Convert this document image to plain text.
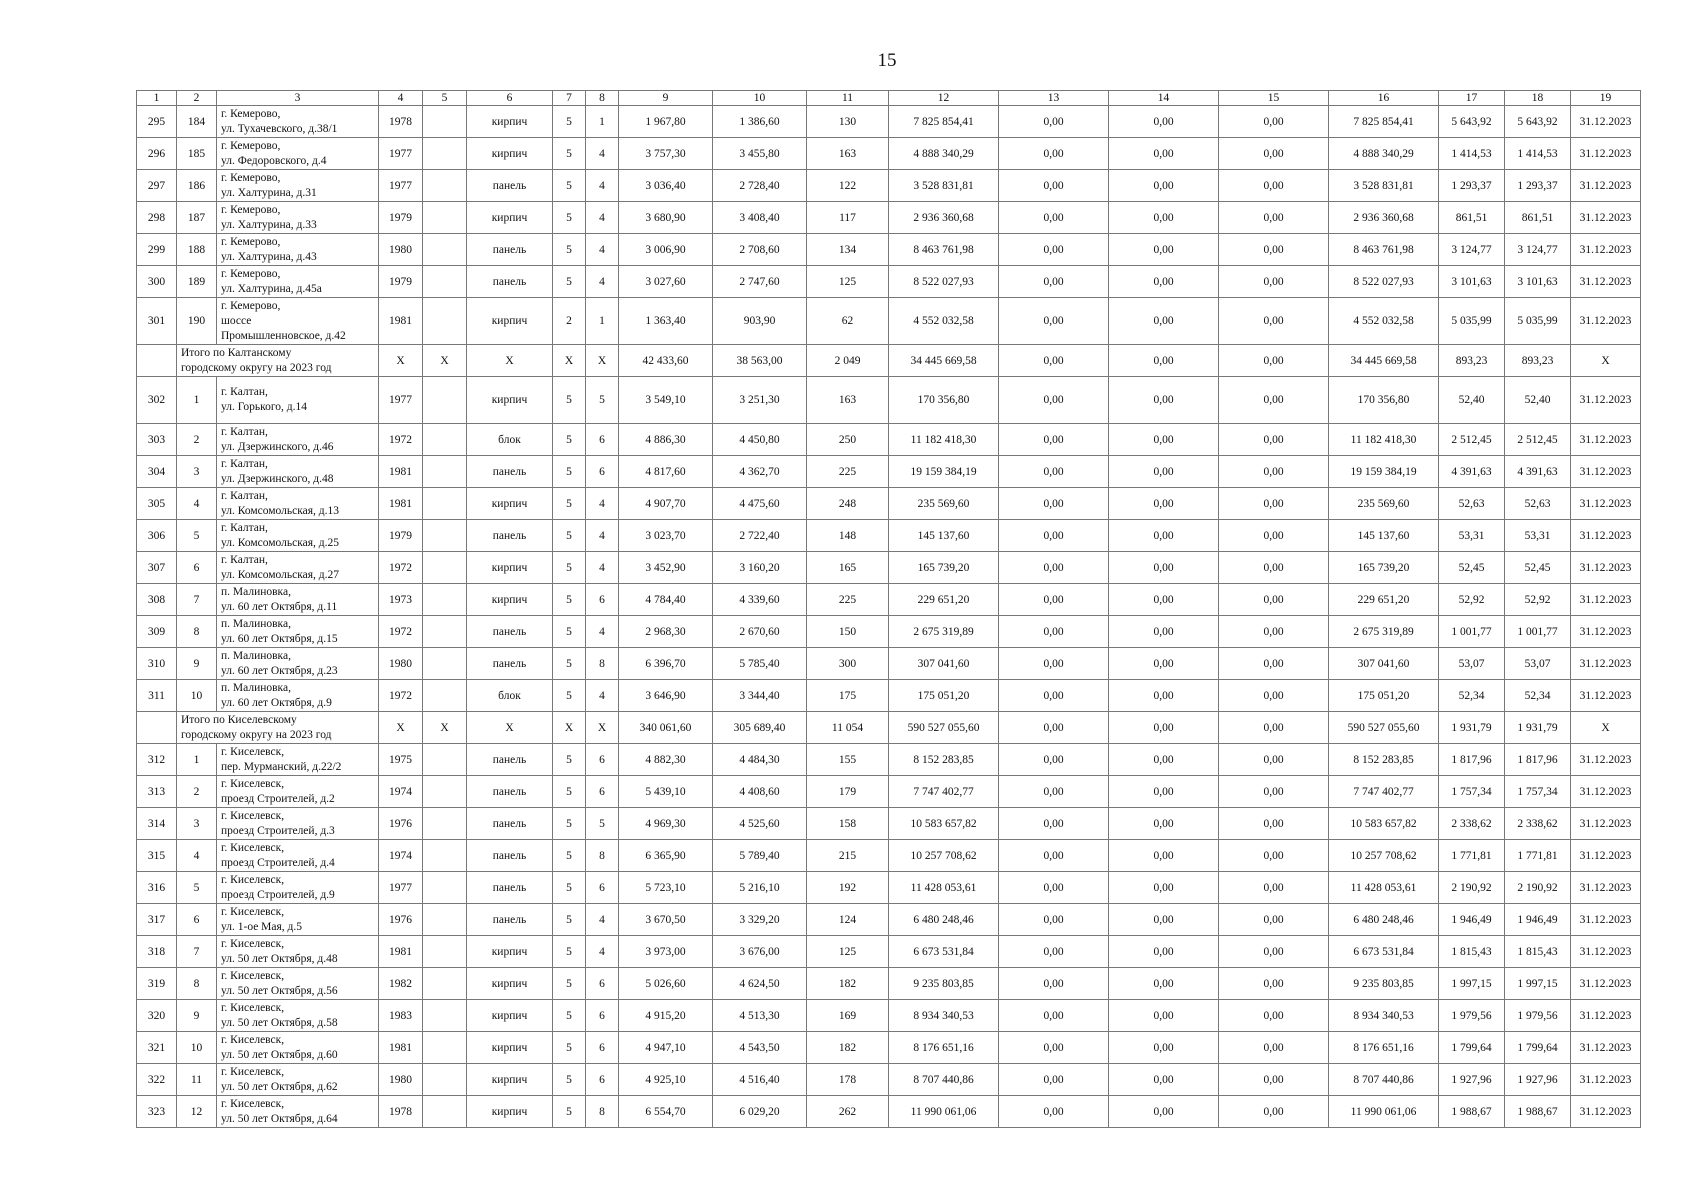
15
1	2	3	4	5	6	7	8	9	10	11	12	13	14	15	16	17	18	19
295	184	г. Кемерово,
ул. Тухачевского, д.38/1	1978		кирпич	5	1	1 967,80	1 386,60	130	7 825 854,41	0,00	0,00	0,00	7 825 854,41	5 643,92	5 643,92	31.12.2023
296	185	г. Кемерово,
ул. Федоровского, д.4	1977		кирпич	5	4	3 757,30	3 455,80	163	4 888 340,29	0,00	0,00	0,00	4 888 340,29	1 414,53	1 414,53	31.12.2023
297	186	г. Кемерово,
ул. Халтурина, д.31	1977		панель	5	4	3 036,40	2 728,40	122	3 528 831,81	0,00	0,00	0,00	3 528 831,81	1 293,37	1 293,37	31.12.2023
298	187	г. Кемерово,
ул. Халтурина, д.33	1979		кирпич	5	4	3 680,90	3 408,40	117	2 936 360,68	0,00	0,00	0,00	2 936 360,68	861,51	861,51	31.12.2023
299	188	г. Кемерово,
ул. Халтурина, д.43	1980		панель	5	4	3 006,90	2 708,60	134	8 463 761,98	0,00	0,00	0,00	8 463 761,98	3 124,77	3 124,77	31.12.2023
300	189	г. Кемерово,
ул. Халтурина, д.45а	1979		панель	5	4	3 027,60	2 747,60	125	8 522 027,93	0,00	0,00	0,00	8 522 027,93	3 101,63	3 101,63	31.12.2023
301	190	г. Кемерово,
шоссе
Промышленновское, д.42	1981		кирпич	2	1	1 363,40	903,90	62	4 552 032,58	0,00	0,00	0,00	4 552 032,58	5 035,99	5 035,99	31.12.2023
	Итого по Калтанскому
городскому округу на 2023 год		X	X	X	X	X	42 433,60	38 563,00	2 049	34 445 669,58	0,00	0,00	0,00	34 445 669,58	893,23	893,23	X
302	1	г. Калтан,
ул. Горького, д.14	1977		кирпич	5	5	3 549,10	3 251,30	163	170 356,80	0,00	0,00	0,00	170 356,80	52,40	52,40	31.12.2023
303	2	г. Калтан,
ул. Дзержинского, д.46	1972		блок	5	6	4 886,30	4 450,80	250	11 182 418,30	0,00	0,00	0,00	11 182 418,30	2 512,45	2 512,45	31.12.2023
304	3	г. Калтан,
ул. Дзержинского, д.48	1981		панель	5	6	4 817,60	4 362,70	225	19 159 384,19	0,00	0,00	0,00	19 159 384,19	4 391,63	4 391,63	31.12.2023
305	4	г. Калтан,
ул. Комсомольская, д.13	1981		кирпич	5	4	4 907,70	4 475,60	248	235 569,60	0,00	0,00	0,00	235 569,60	52,63	52,63	31.12.2023
306	5	г. Калтан,
ул. Комсомольская, д.25	1979		панель	5	4	3 023,70	2 722,40	148	145 137,60	0,00	0,00	0,00	145 137,60	53,31	53,31	31.12.2023
307	6	г. Калтан,
ул. Комсомольская, д.27	1972		кирпич	5	4	3 452,90	3 160,20	165	165 739,20	0,00	0,00	0,00	165 739,20	52,45	52,45	31.12.2023
308	7	п. Малиновка,
ул. 60 лет Октября, д.11	1973		кирпич	5	6	4 784,40	4 339,60	225	229 651,20	0,00	0,00	0,00	229 651,20	52,92	52,92	31.12.2023
309	8	п. Малиновка,
ул. 60 лет Октября, д.15	1972		панель	5	4	2 968,30	2 670,60	150	2 675 319,89	0,00	0,00	0,00	2 675 319,89	1 001,77	1 001,77	31.12.2023
310	9	п. Малиновка,
ул. 60 лет Октября, д.23	1980		панель	5	8	6 396,70	5 785,40	300	307 041,60	0,00	0,00	0,00	307 041,60	53,07	53,07	31.12.2023
311	10	п. Малиновка,
ул. 60 лет Октября, д.9	1972		блок	5	4	3 646,90	3 344,40	175	175 051,20	0,00	0,00	0,00	175 051,20	52,34	52,34	31.12.2023
	Итого по Киселевскому
городскому округу на 2023 год		X	X	X	X	X	340 061,60	305 689,40	11 054	590 527 055,60	0,00	0,00	0,00	590 527 055,60	1 931,79	1 931,79	X
312	1	г. Киселевск,
пер. Мурманский, д.22/2	1975		панель	5	6	4 882,30	4 484,30	155	8 152 283,85	0,00	0,00	0,00	8 152 283,85	1 817,96	1 817,96	31.12.2023
313	2	г. Киселевск,
проезд Строителей, д.2	1974		панель	5	6	5 439,10	4 408,60	179	7 747 402,77	0,00	0,00	0,00	7 747 402,77	1 757,34	1 757,34	31.12.2023
314	3	г. Киселевск,
проезд Строителей, д.3	1976		панель	5	5	4 969,30	4 525,60	158	10 583 657,82	0,00	0,00	0,00	10 583 657,82	2 338,62	2 338,62	31.12.2023
315	4	г. Киселевск,
проезд Строителей, д.4	1974		панель	5	8	6 365,90	5 789,40	215	10 257 708,62	0,00	0,00	0,00	10 257 708,62	1 771,81	1 771,81	31.12.2023
316	5	г. Киселевск,
проезд Строителей, д.9	1977		панель	5	6	5 723,10	5 216,10	192	11 428 053,61	0,00	0,00	0,00	11 428 053,61	2 190,92	2 190,92	31.12.2023
317	6	г. Киселевск,
ул. 1-ое Мая, д.5	1976		панель	5	4	3 670,50	3 329,20	124	6 480 248,46	0,00	0,00	0,00	6 480 248,46	1 946,49	1 946,49	31.12.2023
318	7	г. Киселевск,
ул. 50 лет Октября, д.48	1981		кирпич	5	4	3 973,00	3 676,00	125	6 673 531,84	0,00	0,00	0,00	6 673 531,84	1 815,43	1 815,43	31.12.2023
319	8	г. Киселевск,
ул. 50 лет Октября, д.56	1982		кирпич	5	6	5 026,60	4 624,50	182	9 235 803,85	0,00	0,00	0,00	9 235 803,85	1 997,15	1 997,15	31.12.2023
320	9	г. Киселевск,
ул. 50 лет Октября, д.58	1983		кирпич	5	6	4 915,20	4 513,30	169	8 934 340,53	0,00	0,00	0,00	8 934 340,53	1 979,56	1 979,56	31.12.2023
321	10	г. Киселевск,
ул. 50 лет Октября, д.60	1981		кирпич	5	6	4 947,10	4 543,50	182	8 176 651,16	0,00	0,00	0,00	8 176 651,16	1 799,64	1 799,64	31.12.2023
322	11	г. Киселевск,
ул. 50 лет Октября, д.62	1980		кирпич	5	6	4 925,10	4 516,40	178	8 707 440,86	0,00	0,00	0,00	8 707 440,86	1 927,96	1 927,96	31.12.2023
323	12	г. Киселевск,
ул. 50 лет Октября, д.64	1978		кирпич	5	8	6 554,70	6 029,20	262	11 990 061,06	0,00	0,00	0,00	11 990 061,06	1 988,67	1 988,67	31.12.2023
